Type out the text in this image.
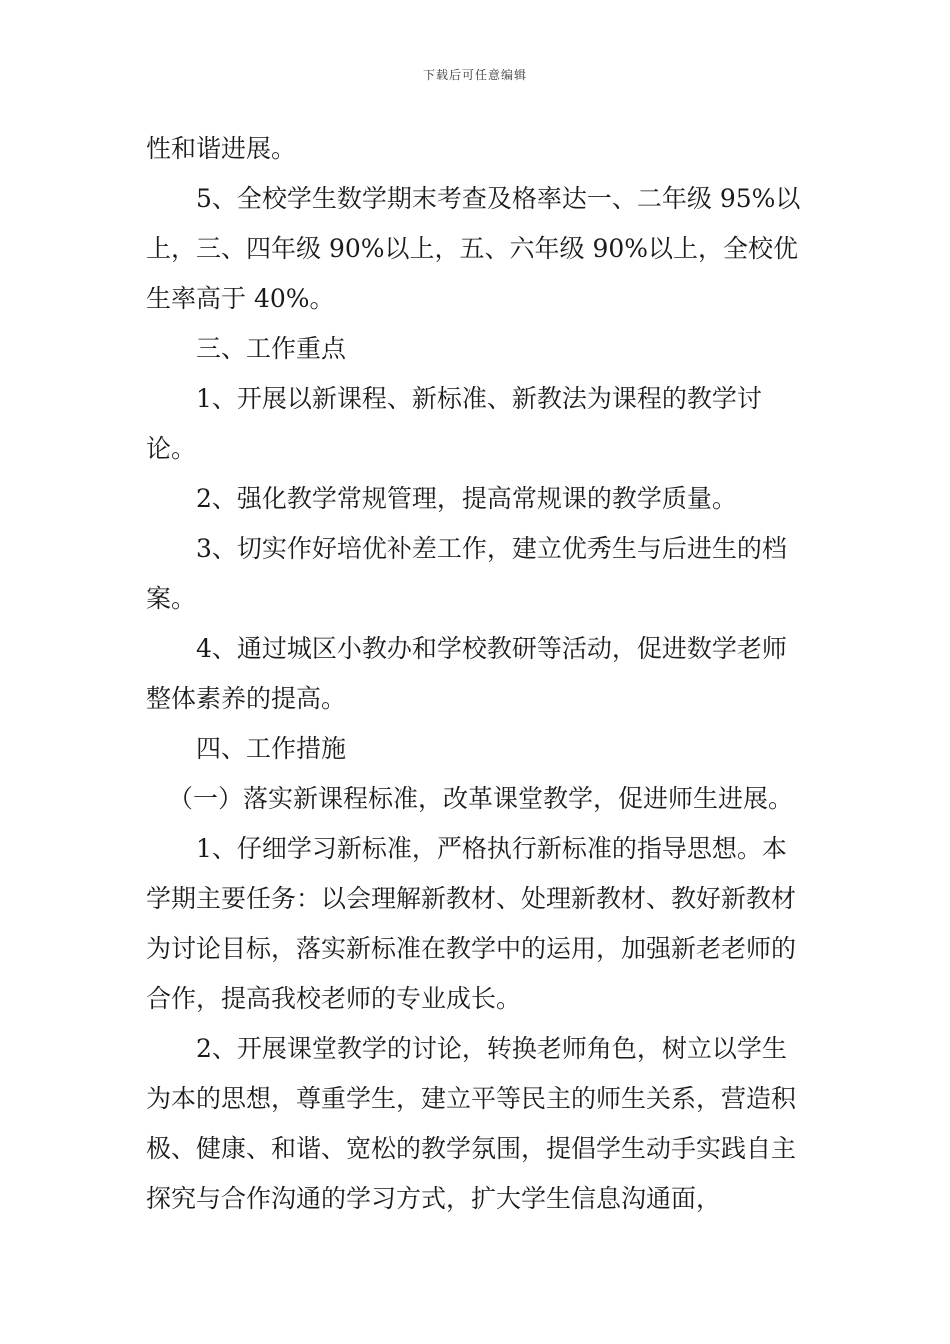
下载后可任意编辑

性和谐进展。

5、全校学生数学期末考查及格率达一、二年级 95%以上，三、四年级 90%以上，五、六年级 90%以上，全校优生率高于 40%。

三、工作重点

1、开展以新课程、新标准、新教法为课程的教学讨论。

2、强化教学常规管理，提高常规课的教学质量。

3、切实作好培优补差工作，建立优秀生与后进生的档案。

4、通过城区小教办和学校教研等活动，促进数学老师整体素养的提高。

四、工作措施

（一）落实新课程标准，改革课堂教学，促进师生进展。

1、仔细学习新标准，严格执行新标准的指导思想。本学期主要任务：以会理解新教材、处理新教材、教好新教材为讨论目标，落实新标准在教学中的运用，加强新老老师的合作，提高我校老师的专业成长。

2、开展课堂教学的讨论，转换老师角色，树立以学生为本的思想，尊重学生，建立平等民主的师生关系，营造积极、健康、和谐、宽松的教学氛围，提倡学生动手实践自主探究与合作沟通的学习方式，扩大学生信息沟通面，
